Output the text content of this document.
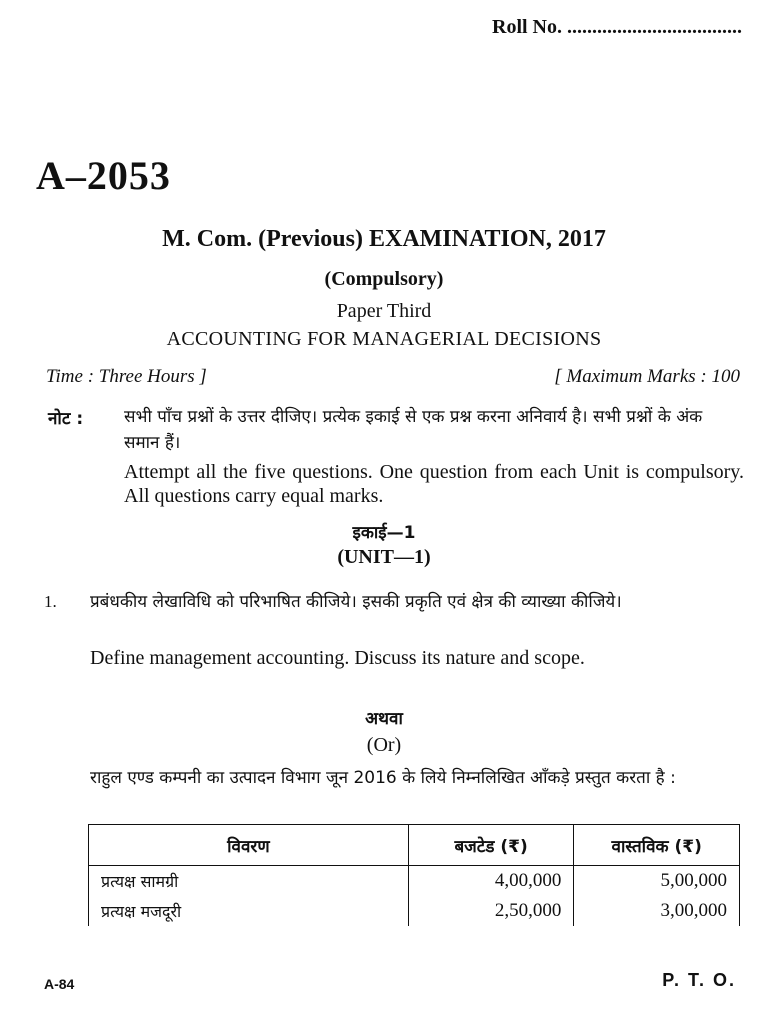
Roll No. ...................................
A–2053
M. Com. (Previous) EXAMINATION, 2017
(Compulsory)
Paper Third
ACCOUNTING FOR MANAGERIAL DECISIONS
Time : Three Hours ]	[ Maximum Marks : 100
नोट : सभी पाँच प्रश्नों के उत्तर दीजिए। प्रत्येक इकाई से एक प्रश्न करना अनिवार्य है। सभी प्रश्नों के अंक समान हैं।
Attempt all the five questions. One question from each Unit is compulsory. All questions carry equal marks.
इकाई—1
(UNIT—1)
1. प्रबंधकीय लेखाविधि को परिभाषित कीजिये। इसकी प्रकृति एवं क्षेत्र की व्याख्या कीजिये।
Define management accounting. Discuss its nature and scope.
अथवा
(Or)
राहुल एण्ड कम्पनी का उत्पादन विभाग जून 2016 के लिये निम्नलिखित आँकड़े प्रस्तुत करता है :
विवरण	बजटेड (₹)	वास्तविक (₹)
प्रत्यक्ष सामग्री	4,00,000	5,00,000
प्रत्यक्ष मजदूरी	2,50,000	3,00,000
A-84	P. T. O.
